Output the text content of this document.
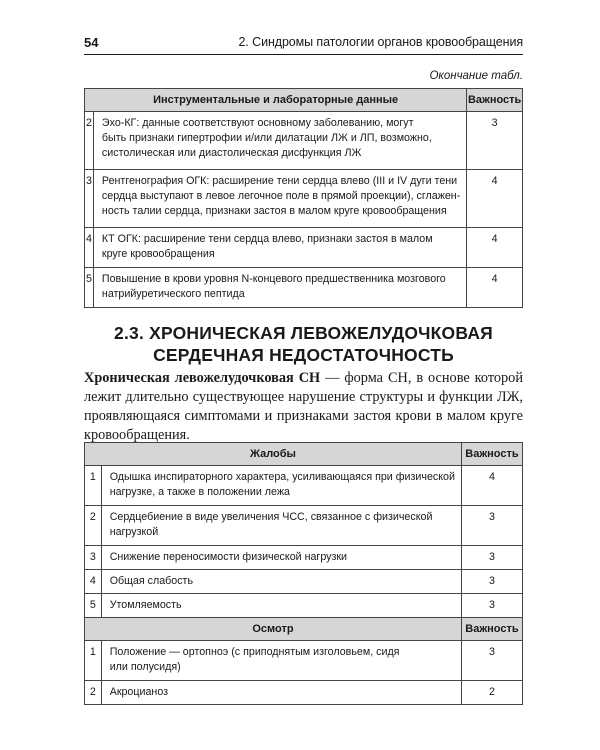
54	2. Синдромы патологии органов кровообращения
Окончание табл.
Инструментальные и лабораторные данные		Важность
2	Эхо-КГ: данные соответствуют основному заболеванию, могут
быть признаки гипертрофии и/или дилатации ЛЖ и ЛП, возможно,
систолическая или диастолическая дисфункция ЛЖ	3
3	Рентгенография ОГК: расширение тени сердца влево (III и IV дуги тени
сердца выступают в левое легочное поле в прямой проекции), сглажен-
ность талии сердца, признаки застоя в малом круге кровообращения	4
4	КТ ОГК: расширение тени сердца влево, признаки застоя в малом
круге кровообращения	4
5	Повышение в крови уровня N-концевого предшественника мозгового
натрийуретического пептида	4
2.3. ХРОНИЧЕСКАЯ ЛЕВОЖЕЛУДОЧКОВАЯ
СЕРДЕЧНАЯ НЕДОСТАТОЧНОСТЬ

Хроническая левожелудочковая СН — форма СН, в основе которой лежит длительно существующее нарушение структуры и функции ЛЖ, проявляющаяся симптомами и признаками застоя крови в малом круге кровообращения.

Жалобы		Важность
1	Одышка инспираторного характера, усиливающаяся при физической
нагрузке, а также в положении лежа	4
2	Сердцебиение в виде увеличения ЧСС, связанное с физической
нагрузкой	3
3	Снижение переносимости физической нагрузки	3
4	Общая слабость	3
5	Утомляемость	3
Осмотр		Важность
1	Положение — ортопноэ (с приподнятым изголовьем, сидя
или полусидя)	3
2	Акроцианоз	2
